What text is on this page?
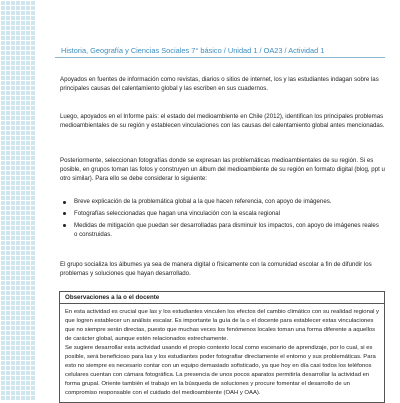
Historia, Geografía y Ciencias Sociales 7° básico / Unidad 1 / OA23 / Actividad 1
Apoyados en fuentes de información como revistas, diarios o sitios de internet, los y las estudiantes indagan sobre las principales causas del calentamiento global y las escriben en sus cuadernos.
Luego, apoyados en el Informe país: el estado del medioambiente en Chile (2012), identifican los principales problemas medioambientales de su región y establecen vinculaciones con las causas del calentamiento global antes mencionadas.
Posteriormente, seleccionan fotografías donde se expresan las problemáticas medioambientales de su región. Si es posible, en grupos toman las fotos y construyen un álbum del medioambiente de su región en formato digital (blog, ppt u otro similar). Para ello se debe considerar lo siguiente:
Breve explicación de la problemática global a la que hacen referencia, con apoyo de imágenes.
Fotografías seleccionadas que hagan una vinculación con la escala regional
Medidas de mitigación que puedan ser desarrolladas para disminuir los impactos, con apoyo de imágenes reales o construidas.
El grupo socializa los álbumes ya sea de manera digital o físicamente con la comunidad escolar a fin de difundir los problemas y soluciones que hayan desarrollado.
Observaciones a la o el docente
En esta actividad es crucial que las y los estudiantes vinculen los efectos del cambio climático con su realidad regional y que logren establecer un análisis escalar. Es importante la guía de la o el docente para establecer estas vinculaciones que no siempre serán directas, puesto que muchas veces los fenómenos locales toman una forma diferente a aquellos de carácter global, aunque estén relacionados estrechamente.
Se sugiere desarrollar esta actividad usando el propio contexto local como escenario de aprendizaje, por lo cual, si es posible, será beneficioso para las y los estudiantes poder fotografiar directamente el entorno y sus problemáticas. Para esto no siempre es necesario contar con un equipo demasiado sofisticado, ya que hoy en día casi todos los teléfonos celulares cuentan con cámara fotográfica. La presencia de unos pocos aparatos permitiría desarrollar la actividad en forma grupal. Oriente también el trabajo en la búsqueda de soluciones y procure fomentar el desarrollo de un compromiso responsable con el cuidado del medioambiente (OAH y OAA).
